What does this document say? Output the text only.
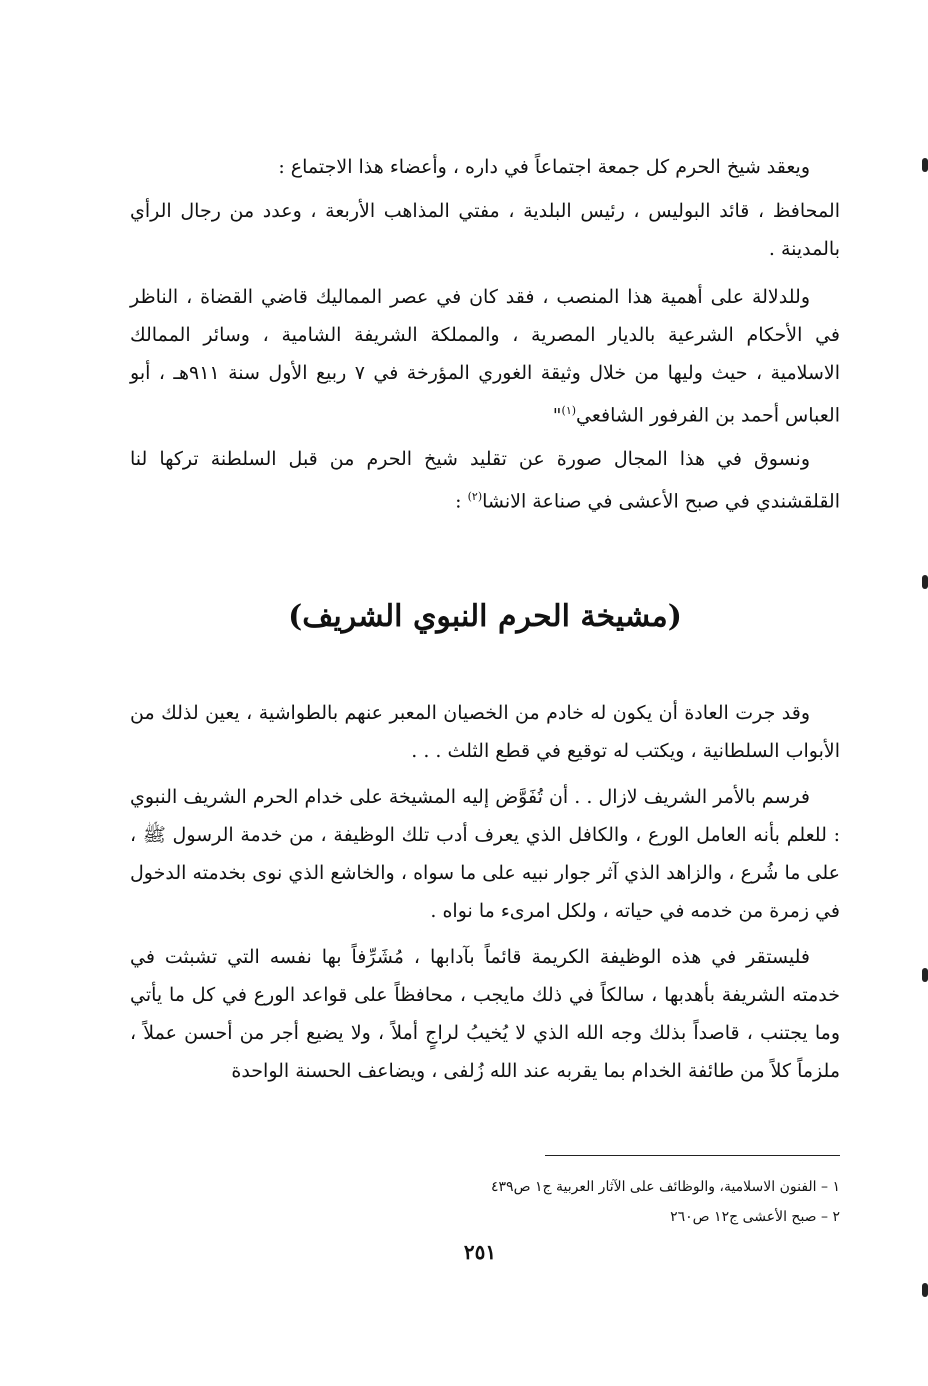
ويعقد شيخ الحرم كل جمعة اجتماعاً في داره ، وأعضاء هذا الاجتماع :

المحافظ ، قائد البوليس ، رئيس البلدية ، مفتي المذاهب الأربعة ، وعدد من رجال الرأي بالمدينة .

وللدلالة على أهمية هذا المنصب ، فقد كان في عصر المماليك قاضي القضاة ، الناظر في الأحكام الشرعية بالديار المصرية ، والمملكة الشريفة الشامية ، وسائر الممالك الاسلامية ، حيث وليها من خلال وثيقة الغوري المؤرخة في ٧ ربيع الأول سنة ٩١١هـ ، أبو العباس أحمد بن الفرفور الشافعي$^{(١)}$"

ونسوق في هذا المجال صورة عن تقليد شيخ الحرم من قبل السلطنة تركها لنا القلقشندي في صبح الأعشى في صناعة الانشا$^{(٢)}$ :

(مشيخة الحرم النبوي الشريف)

وقد جرت العادة أن يكون له خادم من الخصيان المعبر عنهم بالطواشية ، يعين لذلك من الأبواب السلطانية ، ويكتب له توقيع في قطع الثلث . . .

فرسم بالأمر الشريف لازال . . أن تُفَوَّض إليه المشيخة على خدام الحرم الشريف النبوي : للعلم بأنه العامل الورع ، والكافل الذي يعرف أدب تلك الوظيفة ، من خدمة الرسول ﷺ ، على ما شُرع ، والزاهد الذي آثر جوار نبيه على ما سواه ، والخاشع الذي نوى بخدمته الدخول في زمرة من خدمه في حياته ، ولكل امرىء ما نواه .

فليستقر في هذه الوظيفة الكريمة قائماً بآدابها ، مُشَرِّفاً بها نفسه التي تشبثت في خدمته الشريفة بأهدبها ، سالكاً في ذلك مايجب ، محافظاً على قواعد الورع في كل ما يأتي وما يجتنب ، قاصداً بذلك وجه الله الذي لا يُخيبُ لراجٍ أملاً ، ولا يضيع أجر من أحسن عملاً ، ملزماً كلاً من طائفة الخدام بما يقربه عند الله زُلفى ، ويضاعف الحسنة الواحدة

١ – الفنون الاسلامية، والوظائف على الآثار العربية ج١ ص٤٣٩
٢ – صبح الأعشى ج١٢ ص٢٦٠
٢٥١
